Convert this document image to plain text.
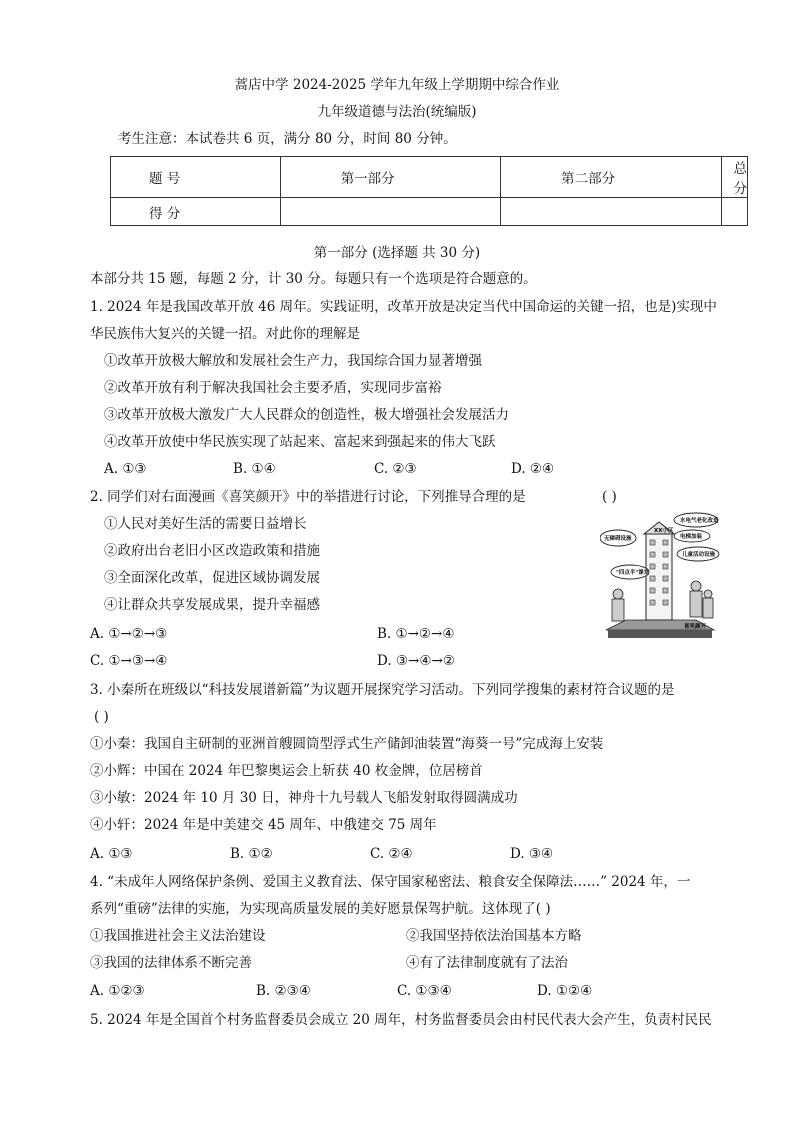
蒿店中学 2024-2025 学年九年级上学期期中综合作业
九年级道德与法治(统编版)
考生注意：本试卷共 6 页，满分 80 分，时间 80 分钟。
题 号	第一部分	第二部分	总 分
得 分			
第一部分 (选择题 共 30 分)
本部分共 15 题，每题 2 分，计 30 分。每题只有一个选项是符合题意的。
1. 2024 年是我国改革开放 46 周年。实践证明，改革开放是决定当代中国命运的关键一招，也是)实现中
华民族伟大复兴的关键一招。对此你的理解是
①改革开放极大解放和发展社会生产力，我国综合国力显著增强
②改革开放有利于解决我国社会主要矛盾，实现同步富裕
③改革开放极大激发广大人民群众的创造性，极大增强社会发展活力
④改革开放使中华民族实现了站起来、富起来到强起来的伟大飞跃
A. ①③	B. ①④	C. ②③	D. ②④
2. 同学们对右面漫画《喜笑颜开》中的举措进行讨论，下列推导合理的是	( )
①人民对美好生活的需要日益增长
②政府出台老旧小区改造政策和措施
③全面深化改革，促进区域协调发展
④让群众共享发展成果，提升幸福感
A. ①→②→③	B. ①→②→④
C. ①→③→④	D. ③→④→②
无障碍设施
水电气老化改造
XX小区
电梯加装
儿童活动设施
"四点半"课堂
喜笑颜开
3. 小秦所在班级以“科技发展谱新篇”为议题开展探究学习活动。下列同学搜集的素材符合议题的是
( )
①小秦：我国自主研制的亚洲首艘圆筒型浮式生产储卸油装置“海葵一号”完成海上安装
②小辉：中国在 2024 年巴黎奥运会上斩获 40 枚金牌，位居榜首
③小敏：2024 年 10 月 30 日，神舟十九号载人飞船发射取得圆满成功
④小轩：2024 年是中美建交 45 周年、中俄建交 75 周年
A. ①③	B. ①②	C. ②④	D. ③④
4. “未成年人网络保护条例、爱国主义教育法、保守国家秘密法、粮食安全保障法……” 2024 年，一
系列“重磅”法律的实施，为实现高质量发展的美好愿景保驾护航。这体现了( )
①我国推进社会主义法治建设	②我国坚持依法治国基本方略
③我国的法律体系不断完善	④有了法律制度就有了法治
A. ①②③	B. ②③④	C. ①③④	D. ①②④
5. 2024 年是全国首个村务监督委员会成立 20 周年，村务监督委员会由村民代表大会产生，负责村民民
